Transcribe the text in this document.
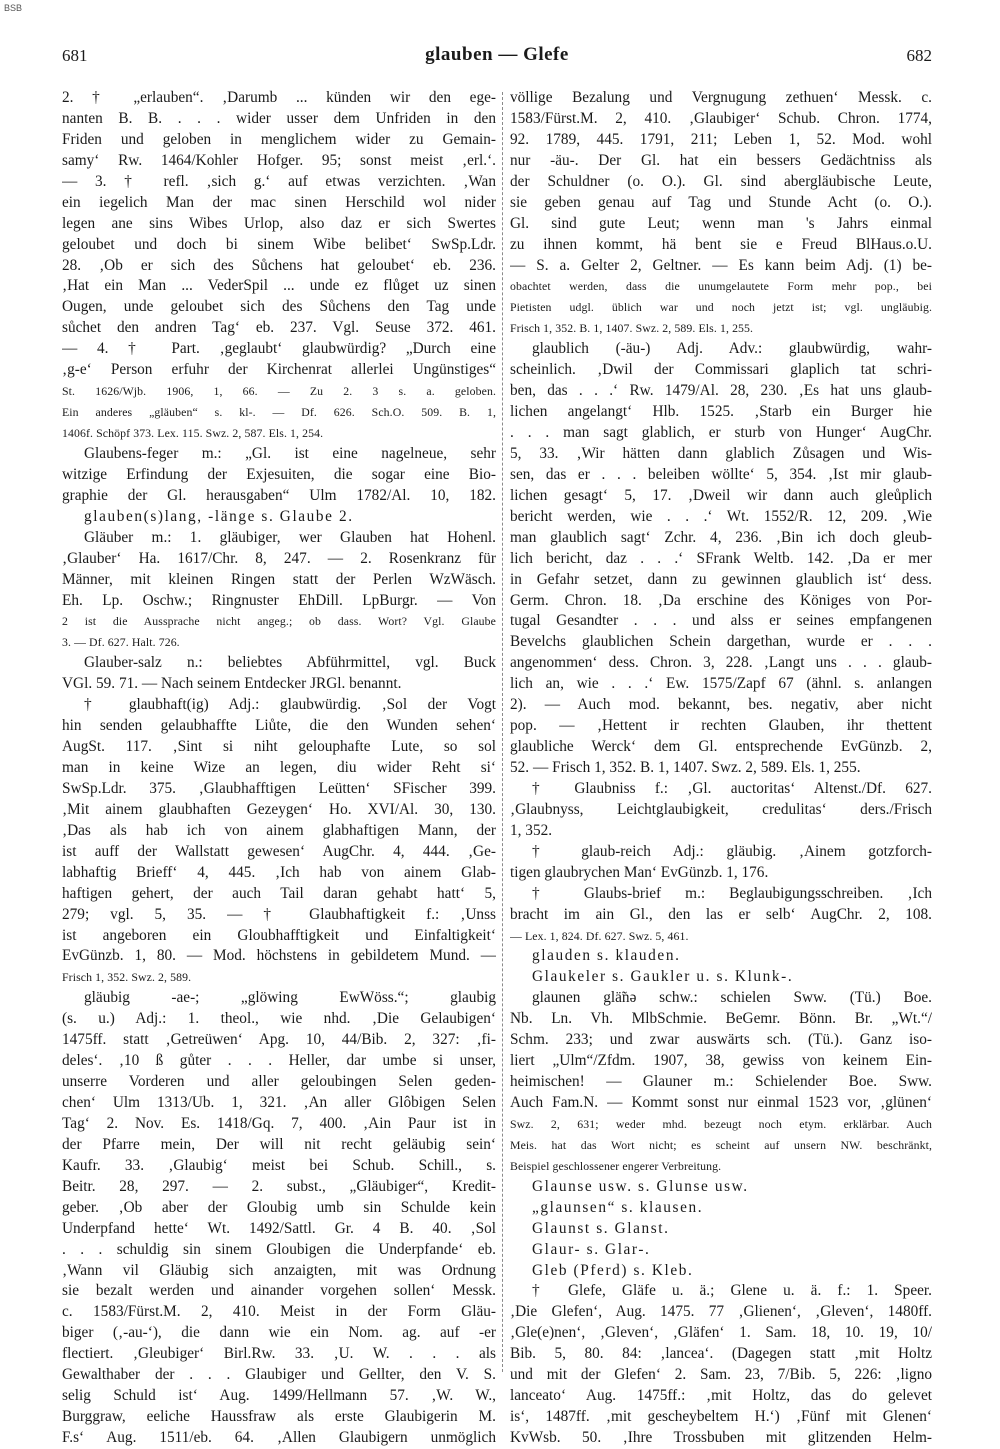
BSB
681	glauben — Glefe	682
2. † „erlauben“. ‚Darumb ... künden wir den ege-
nanten B. B. . . . wider usser dem Unfriden in den
Friden und geloben in menglichem wider zu Gemain-
samy‘ Rw. 1464/Kohler Hofger. 95; sonst meist ‚erl.‘.
— 3. † refl. ‚sich g.‘ auf etwas verzichten. ‚Wan
ein iegelich Man der mac sinen Herschild wol nider
legen ane sins Wibes Urlop, also daz er sich Swertes
geloubet und doch bi sinem Wibe belibet‘ SwSp.Ldr.
28. ‚Ob er sich des Sůchens hat geloubet‘ eb. 236.
‚Hat ein Man ... VederSpil ... unde ez flůget uz sinen
Ougen, unde geloubet sich des Sůchens den Tag unde
sůchet den andren Tag‘ eb. 237. Vgl. Seuse 372. 461.
— 4. † Part. ‚geglaubt‘ glaubwürdig? „Durch eine
‚g-e‘ Person erfuhr der Kirchenrat allerlei Ungünstiges“
St. 1626/Wjb. 1906, 1, 66. — Zu 2. 3 s. a. geloben.
Ein anderes „gläuben“ s. kl-. — Df. 626. Sch.O. 509. B. 1,
1406f. Schöpf 373. Lex. 115. Swz. 2, 587. Els. 1, 254.
Glaubens-feger m.: „Gl. ist eine nagelneue, sehr
witzige Erfindung der Exjesuiten, die sogar eine Bio-
graphie der Gl. herausgaben“ Ulm 1782/Al. 10, 182.
glauben(s)lang, -länge s. Glaube 2.
Gläuber m.: 1. gläubiger, wer Glauben hat Hohenl.
‚Glauber‘ Ha. 1617/Chr. 8, 247. — 2. Rosenkranz für
Männer, mit kleinen Ringen statt der Perlen WzWäsch.
Eh. Lp. Oschw.; Ringnuster EhDill. LpBurgr. — Von
2 ist die Aussprache nicht angeg.; ob dass. Wort? Vgl. Glaube
3. — Df. 627. Halt. 726.
Glauber-salz n.: beliebtes Abführmittel, vgl. Buck
VGl. 59. 71. — Nach seinem Entdecker JRGl. benannt.
† glaubhaft(ig) Adj.: glaubwürdig. ‚Sol der Vogt
hin senden gelaubhaffte Liůte, die den Wunden sehen‘
AugSt. 117. ‚Sint si niht gelouphafte Lute, so sol
man in keine Wize an legen, diu wider Reht si‘
SwSp.Ldr. 375. ‚Glaubhafftigen Leütten‘ SFischer 399.
‚Mit ainem glaubhaften Gezeygen‘ Ho. XVI/Al. 30, 130.
‚Das als hab ich von ainem glabhaftigen Mann, der
ist auff der Wallstatt gewesen‘ AugChr. 4, 444. ‚Ge-
labhaftig Brieff‘ 4, 445. ‚Ich hab von ainem Glab-
haftigen gehert, der auch Tail daran gehabt hatt‘ 5,
279; vgl. 5, 35. — † Glaubhaftigkeit f.: ‚Unss
ist angeboren ein Gloubhafftigkeit und Einfaltigkeit‘
EvGünzb. 1, 80. — Mod. höchstens in gebildetem Mund. —
Frisch 1, 352. Swz. 2, 589.
gläubig -ae-; „glöwing EwWöss.“; glaubig
(s. u.) Adj.: 1. theol., wie nhd. ‚Die Gelaubigen‘
1475ff. statt ‚Getreüwen‘ Apg. 10, 44/Bib. 2, 327: ‚fi-
deles‘. ‚10 ß gůter . . . Heller, dar umbe si unser,
unserre Vorderen und aller geloubingen Selen geden-
chen‘ Ulm 1313/Ub. 1, 321. ‚An aller Glôbigen Selen
Tag‘ 2. Nov. Es. 1418/Gq. 7, 400. ‚Ain Paur ist in
der Pfarre mein, Der will nit recht geläubig sein‘
Kaufr. 33. ‚Glaubig‘ meist bei Schub. Schill., s.
Beitr. 28, 297. — 2. subst., „Gläubiger“, Kredit-
geber. ‚Ob aber der Gloubig umb sin Schulde kein
Underpfand hette‘ Wt. 1492/Sattl. Gr. 4 B. 40. ‚Sol
. . . schuldig sin sinem Gloubigen die Underpfande‘ eb.
‚Wann vil Gläubig sich anzaigten, mit was Ordnung
sie bezalt werden und ainander vorgehen sollen‘ Messk.
c. 1583/Fürst.M. 2, 410. Meist in der Form Gläu-
biger (‚-au-‘), die dann wie ein Nom. ag. auf -er
flectiert. ‚Gleubiger‘ Birl.Rw. 33. ‚U. W. . . . als
Gewalthaber der . . . Glaubiger und Gellter, den V. S.
selig Schuld ist‘ Aug. 1499/Hellmann 57. ‚W. W.,
Burggraw, eeliche Haussfraw als erste Glaubigerin M.
F.s‘ Aug. 1511/eb. 64. ‚Allen Glaubigern unmöglich
völlige Bezalung und Vergnugung zethuen‘ Messk. c.
1583/Fürst.M. 2, 410. ‚Glaubiger‘ Schub. Chron. 1774,
92. 1789, 445. 1791, 211; Leben 1, 52. Mod. wohl
nur -äu-. Der Gl. hat ein bessers Gedächtniss als
der Schuldner (o. O.). Gl. sind abergläubische Leute,
sie geben genau auf Tag und Stunde Acht (o. O.).
Gl. sind gute Leut; wenn man 's Jahrs einmal
zu ihnen kommt, hä bent sie e Freud BlHaus.o.U.
— S. a. Gelter 2, Geltner. — Es kann beim Adj. (1) be-
obachtet werden, dass die unumgelautete Form mehr pop., bei
Pietisten udgl. üblich war und noch jetzt ist; vgl. ungläubig.
Frisch 1, 352. B. 1, 1407. Swz. 2, 589. Els. 1, 255.
glaublich (-äu-) Adj. Adv.: glaubwürdig, wahr-
scheinlich. ‚Dwil der Commissari glaplich tat schri-
ben, das . . .‘ Rw. 1479/Al. 28, 230. ‚Es hat uns glaub-
lichen angelangt‘ Hlb. 1525. ‚Starb ein Burger hie
. . . man sagt glablich, er sturb von Hunger‘ AugChr.
5, 33. ‚Wir hätten dann glablich Zůsagen und Wis-
sen, das er . . . beleiben wöllte‘ 5, 354. ‚Ist mir glaub-
lichen gesagt‘ 5, 17. ‚Dweil wir dann auch gleůplich
bericht werden, wie . . .‘ Wt. 1552/R. 12, 209. ‚Wie
man glaublich sagt‘ Zchr. 4, 236. ‚Bin ich doch gleub-
lich bericht, daz . . .‘ SFrank Weltb. 142. ‚Da er mer
in Gefahr setzet, dann zu gewinnen glaublich ist‘ dess.
Germ. Chron. 18. ‚Da erschine des Königes von Por-
tugal Gesandter . . . und alss er seines empfangenen
Bevelchs glaublichen Schein dargethan, wurde er . . .
angenommen‘ dess. Chron. 3, 228. ‚Langt uns . . . glaub-
lich an, wie . . .‘ Ew. 1575/Zapf 67 (ähnl. s. anlangen
2). — Auch mod. bekannt, bes. negativ, aber nicht
pop. — ‚Hettent ir rechten Glauben, ihr thettent
glaubliche Werck‘ dem Gl. entsprechende EvGünzb. 2,
52. — Frisch 1, 352. B. 1, 1407. Swz. 2, 589. Els. 1, 255.
† Glaubniss f.: ‚Gl. auctoritas‘ Altenst./Df. 627.
‚Glaubnyss, Leichtglaubigkeit, credulitas‘ ders./Frisch
1, 352.
† glaub-reich Adj.: gläubig. ‚Ainem gotzforch-
tigen glaubrychen Man‘ EvGünzb. 1, 176.
† Glaubs-brief m.: Beglaubigungsschreiben. ‚Ich
bracht im ain Gl., den las er selb‘ AugChr. 2, 108.
— Lex. 1, 824. Df. 627. Swz. 5, 461.
glauden s. klauden.
Glaukeler s. Gaukler u. s. Klunk-.
glaunen glä̃nə schw.: schielen Sww. (Tü.) Boe.
Nb. Ln. Vh. MlbSchmie. BeGemr. Bönn. Br. „Wt.“/
Schm. 233; und zwar auswärts sch. (Tü.). Ganz iso-
liert „Ulm“/Zfdm. 1907, 38, gewiss von keinem Ein-
heimischen! — Glauner m.: Schielender Boe. Sww.
Auch Fam.N. — Kommt sonst nur einmal 1523 vor, ‚glünen‘
Swz. 2, 631; weder mhd. bezeugt noch etym. erklärbar. Auch
Meis. hat das Wort nicht; es scheint auf unsern NW. beschränkt,
Beispiel geschlossener engerer Verbreitung.
Glaunse usw. s. Glunse usw.
„glaunsen“ s. klausen.
Glaunst s. Glanst.
Glaur- s. Glar-.
Gleb (Pferd) s. Kleb.
† Glefe, Gläfe u. ä.; Glene u. ä. f.: 1. Speer.
‚Die Glefen‘, Aug. 1475. 77 ‚Glienen‘, ‚Gleven‘, 1480ff.
‚Gle(e)nen‘, ‚Gleven‘, ‚Gläfen‘ 1. Sam. 18, 10. 19, 10/
Bib. 5, 80. 84: ‚lancea‘. (Dagegen statt ‚mit Holtz
und mit der Glefen‘ 2. Sam. 23, 7/Bib. 5, 226: ‚ligno
lanceato‘ Aug. 1475ff.: ‚mit Holtz, das do gelevet
is‘, 1487ff. ‚mit gescheybeltem H.‘) ‚Fünf mit Glenen‘
KvWsb. 50. ‚Ihre Trossbuben mit glitzenden Helm-
